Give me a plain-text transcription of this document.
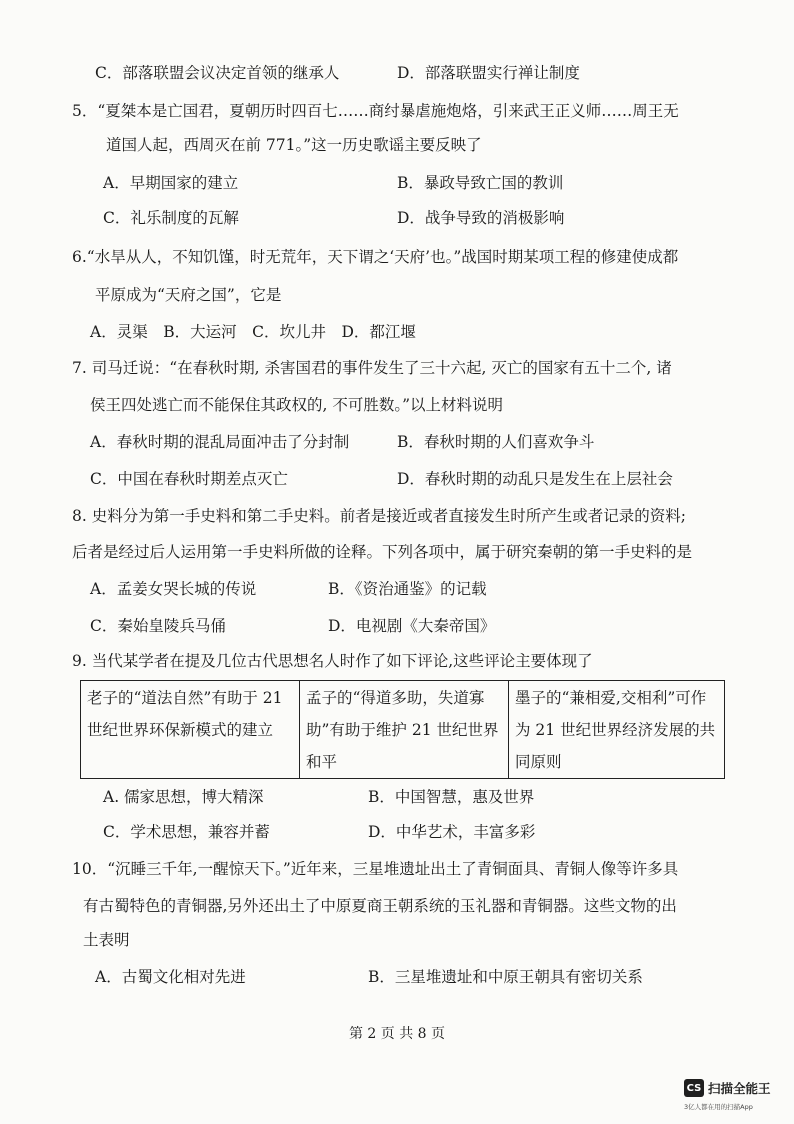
C．部落联盟会议决定首领的继承人	D．部落联盟实行禅让制度
5．“夏桀本是亡国君，夏朝历时四百七……商纣暴虐施炮烙，引来武王正义师……周王无
道国人起，西周灭在前 771。”这一历史歌谣主要反映了
A．早期国家的建立	B．暴政导致亡国的教训
C．礼乐制度的瓦解	D．战争导致的消极影响
6.“水旱从人，不知饥馑，时无荒年，天下谓之‘天府’也。”战国时期某项工程的修建使成都
平原成为“天府之国”，它是
A．灵渠　B．大运河　C．坎儿井　D．都江堰
7. 司马迁说：“在春秋时期, 杀害国君的事件发生了三十六起, 灭亡的国家有五十二个, 诸
侯王四处逃亡而不能保住其政权的, 不可胜数。”以上材料说明
A．春秋时期的混乱局面冲击了分封制	B．春秋时期的人们喜欢争斗
C．中国在春秋时期差点灭亡	D．春秋时期的动乱只是发生在上层社会
8. 史料分为第一手史料和第二手史料。前者是接近或者直接发生时所产生或者记录的资料;
后者是经过后人运用第一手史料所做的诠释。下列各项中，属于研究秦朝的第一手史料的是
A．孟姜女哭长城的传说	B．《资治通鉴》的记载
C．秦始皇陵兵马俑	D．电视剧《大秦帝国》
9. 当代某学者在提及几位古代思想名人时作了如下评论,这些评论主要体现了
老子的“道法自然”有助于 21 世纪世界环保新模式的建立	孟子的“得道多助，失道寡助”有助于维护 21 世纪世界和平	墨子的“兼相爱,交相利”可作为 21 世纪世界经济发展的共同原则
A. 儒家思想，博大精深	B．中国智慧，惠及世界
C．学术思想，兼容并蓄	D．中华艺术，丰富多彩
10．“沉睡三千年,一醒惊天下。”近年来，三星堆遗址出土了青铜面具、青铜人像等许多具
有古蜀特色的青铜器,另外还出土了中原夏商王朝系统的玉礼器和青铜器。这些文物的出
土表明
A．古蜀文化相对先进	B．三星堆遗址和中原王朝具有密切关系
第 2 页 共 8 页
CS 扫描全能王
3亿人都在用的扫描App
